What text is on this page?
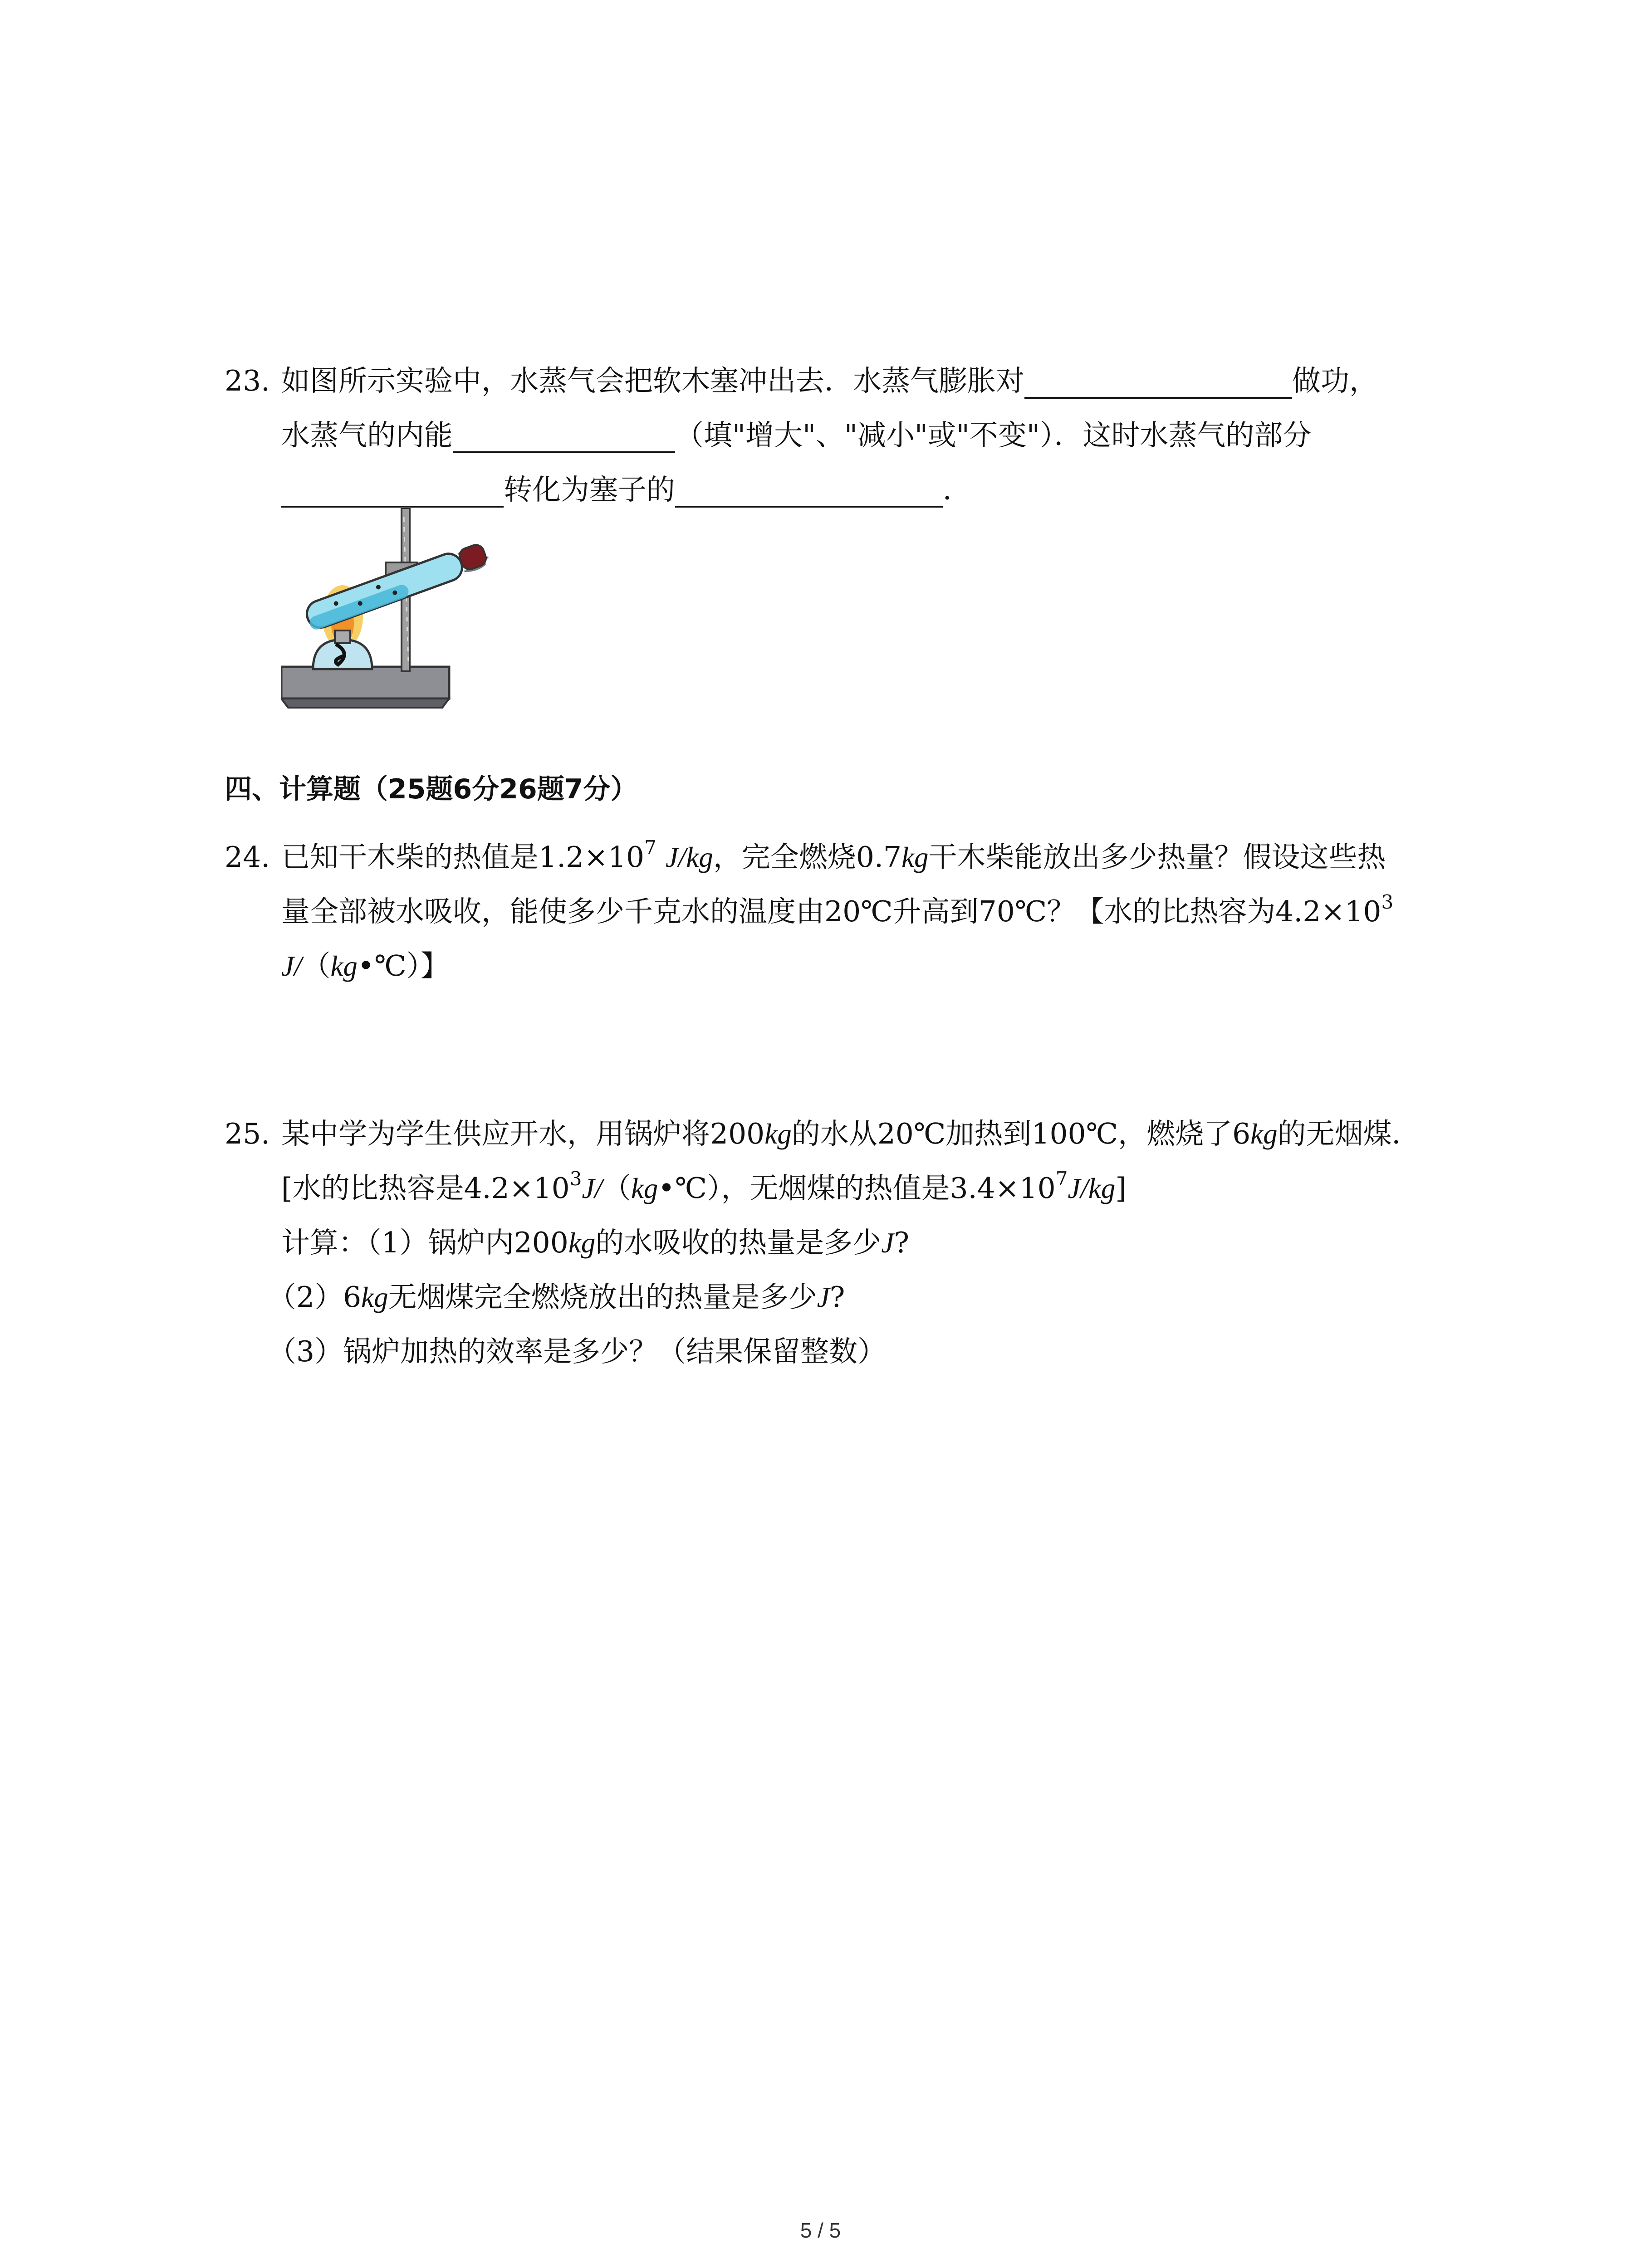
23. 如图所示实验中，水蒸气会把软木塞冲出去．水蒸气膨胀对	做功，
水蒸气的内能	（填"增大"、"减小"或"不变"）．这时水蒸气的部分
转化为塞子的	．
四、计算题（25题6分26题7分）
24. 已知干木柴的热值是$1.2\times 10^7$ J/kg，完全燃烧0.7kg干木柴能放出多少热量？假设这些热
量全部被水吸收，能使多少千克水的温度由20℃升高到70℃？【水的比热容为$4.2\times 10^3$
J/（kg•℃）】
25. 某中学为学生供应开水，用锅炉将200kg的水从20℃加热到100℃，燃烧了6kg的无烟煤．
[水的比热容是$4.2\times 10^3J/(kg•℃)$，无烟煤的热值是$3.4\times 10^7J/kg$]
计算：（1）锅炉内200kg的水吸收的热量是多少J?
（2）6kg无烟煤完全燃烧放出的热量是多少J?
（3）锅炉加热的效率是多少？（结果保留整数）
5 / 5
